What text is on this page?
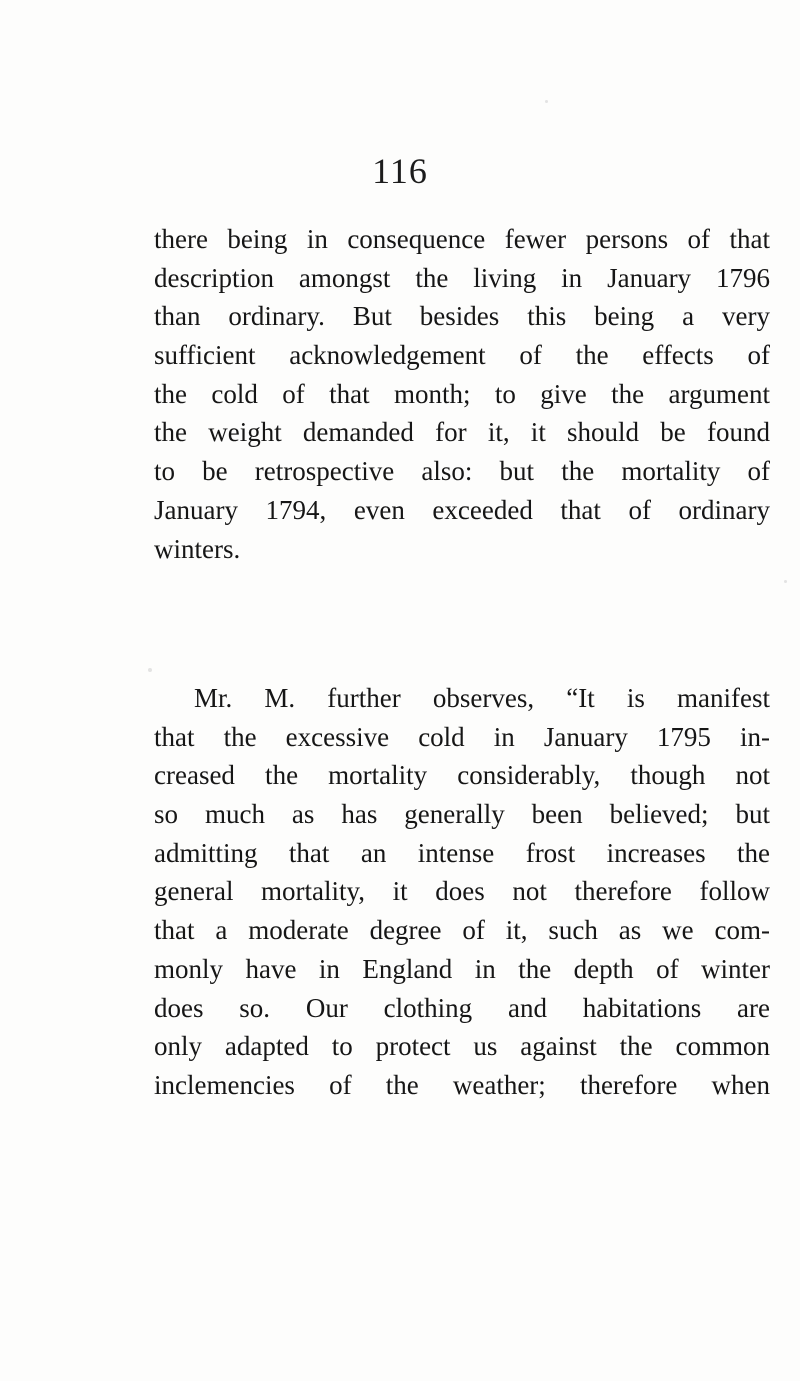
116
there being in consequence fewer persons of that
description amongst the living in January 1796
than ordinary. But besides this being a very
sufficient acknowledgement of the effects of
the cold of that month; to give the argument
the weight demanded for it, it should be found
to be retrospective also: but the mortality of
January 1794, even exceeded that of ordinary
winters.
Mr. M. further observes, “It is manifest
that the excessive cold in January 1795 in-
creased the mortality considerably, though not
so much as has generally been believed; but
admitting that an intense frost increases the
general mortality, it does not therefore follow
that a moderate degree of it, such as we com-
monly have in England in the depth of winter
does so. Our clothing and habitations are
only adapted to protect us against the common
inclemencies of the weather; therefore when
